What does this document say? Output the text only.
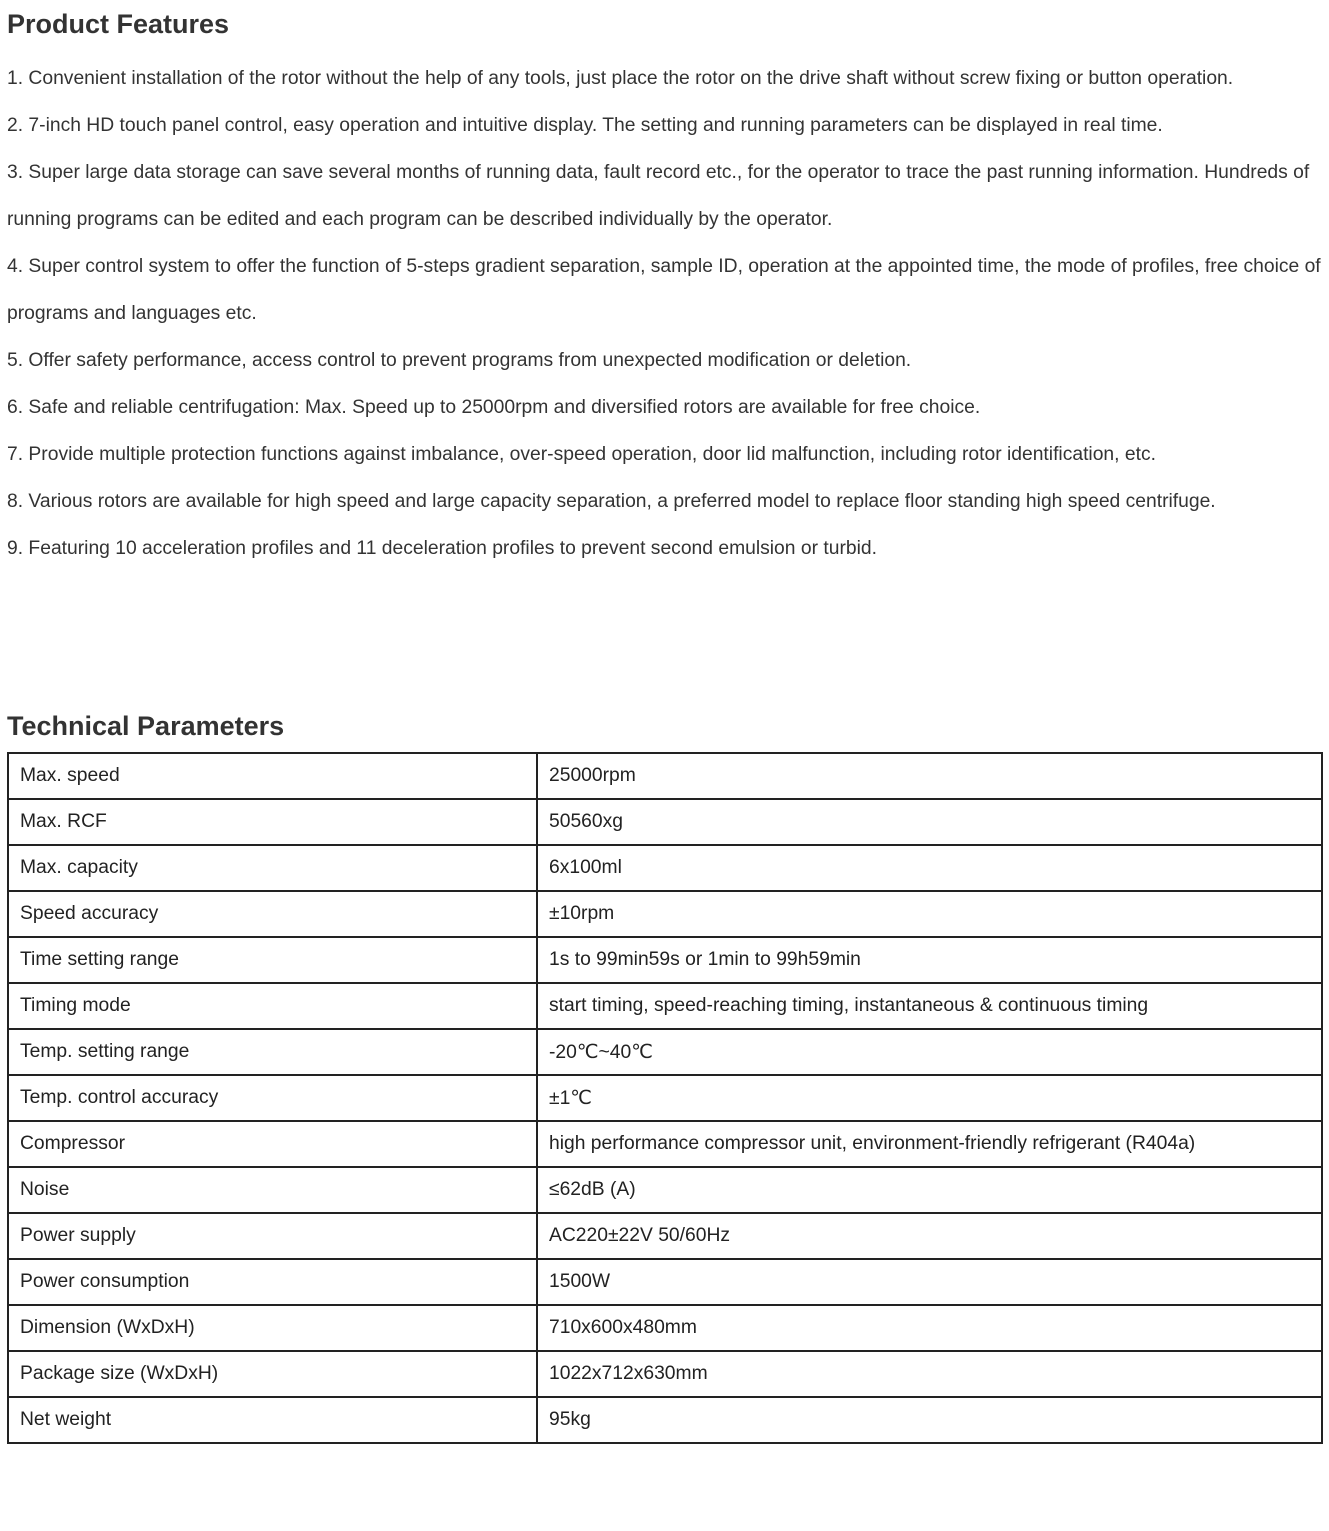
Product Features
1. Convenient installation of the rotor without the help of any tools, just place the rotor on the drive shaft without screw fixing or button operation.
2. 7-inch HD touch panel control, easy operation and intuitive display. The setting and running parameters can be displayed in real time.
3. Super large data storage can save several months of running data, fault record etc., for the operator to trace the past running information. Hundreds of running programs can be edited and each program can be described individually by the operator.
4. Super control system to offer the function of 5-steps gradient separation, sample ID, operation at the appointed time, the mode of profiles, free choice of programs and languages etc.
5. Offer safety performance, access control to prevent programs from unexpected modification or deletion.
6. Safe and reliable centrifugation: Max. Speed up to 25000rpm and diversified rotors are available for free choice.
7. Provide multiple protection functions against imbalance, over-speed operation, door lid malfunction, including rotor identification, etc.
8. Various rotors are available for high speed and large capacity separation, a preferred model to replace floor standing high speed centrifuge.
9. Featuring 10 acceleration profiles and 11 deceleration profiles to prevent second emulsion or turbid.
Technical Parameters
Max. speed	25000rpm
Max. RCF	50560xg
Max. capacity	6x100ml
Speed accuracy	±10rpm
Time setting range	1s to 99min59s or 1min to 99h59min
Timing mode	start timing, speed-reaching timing, instantaneous & continuous timing
Temp. setting range	-20℃~40℃
Temp. control accuracy	±1℃
Compressor	high performance compressor unit, environment-friendly refrigerant (R404a)
Noise	≤62dB (A)
Power supply	AC220±22V 50/60Hz
Power consumption	1500W
Dimension (WxDxH)	710x600x480mm
Package size (WxDxH)	1022x712x630mm
Net weight	95kg
